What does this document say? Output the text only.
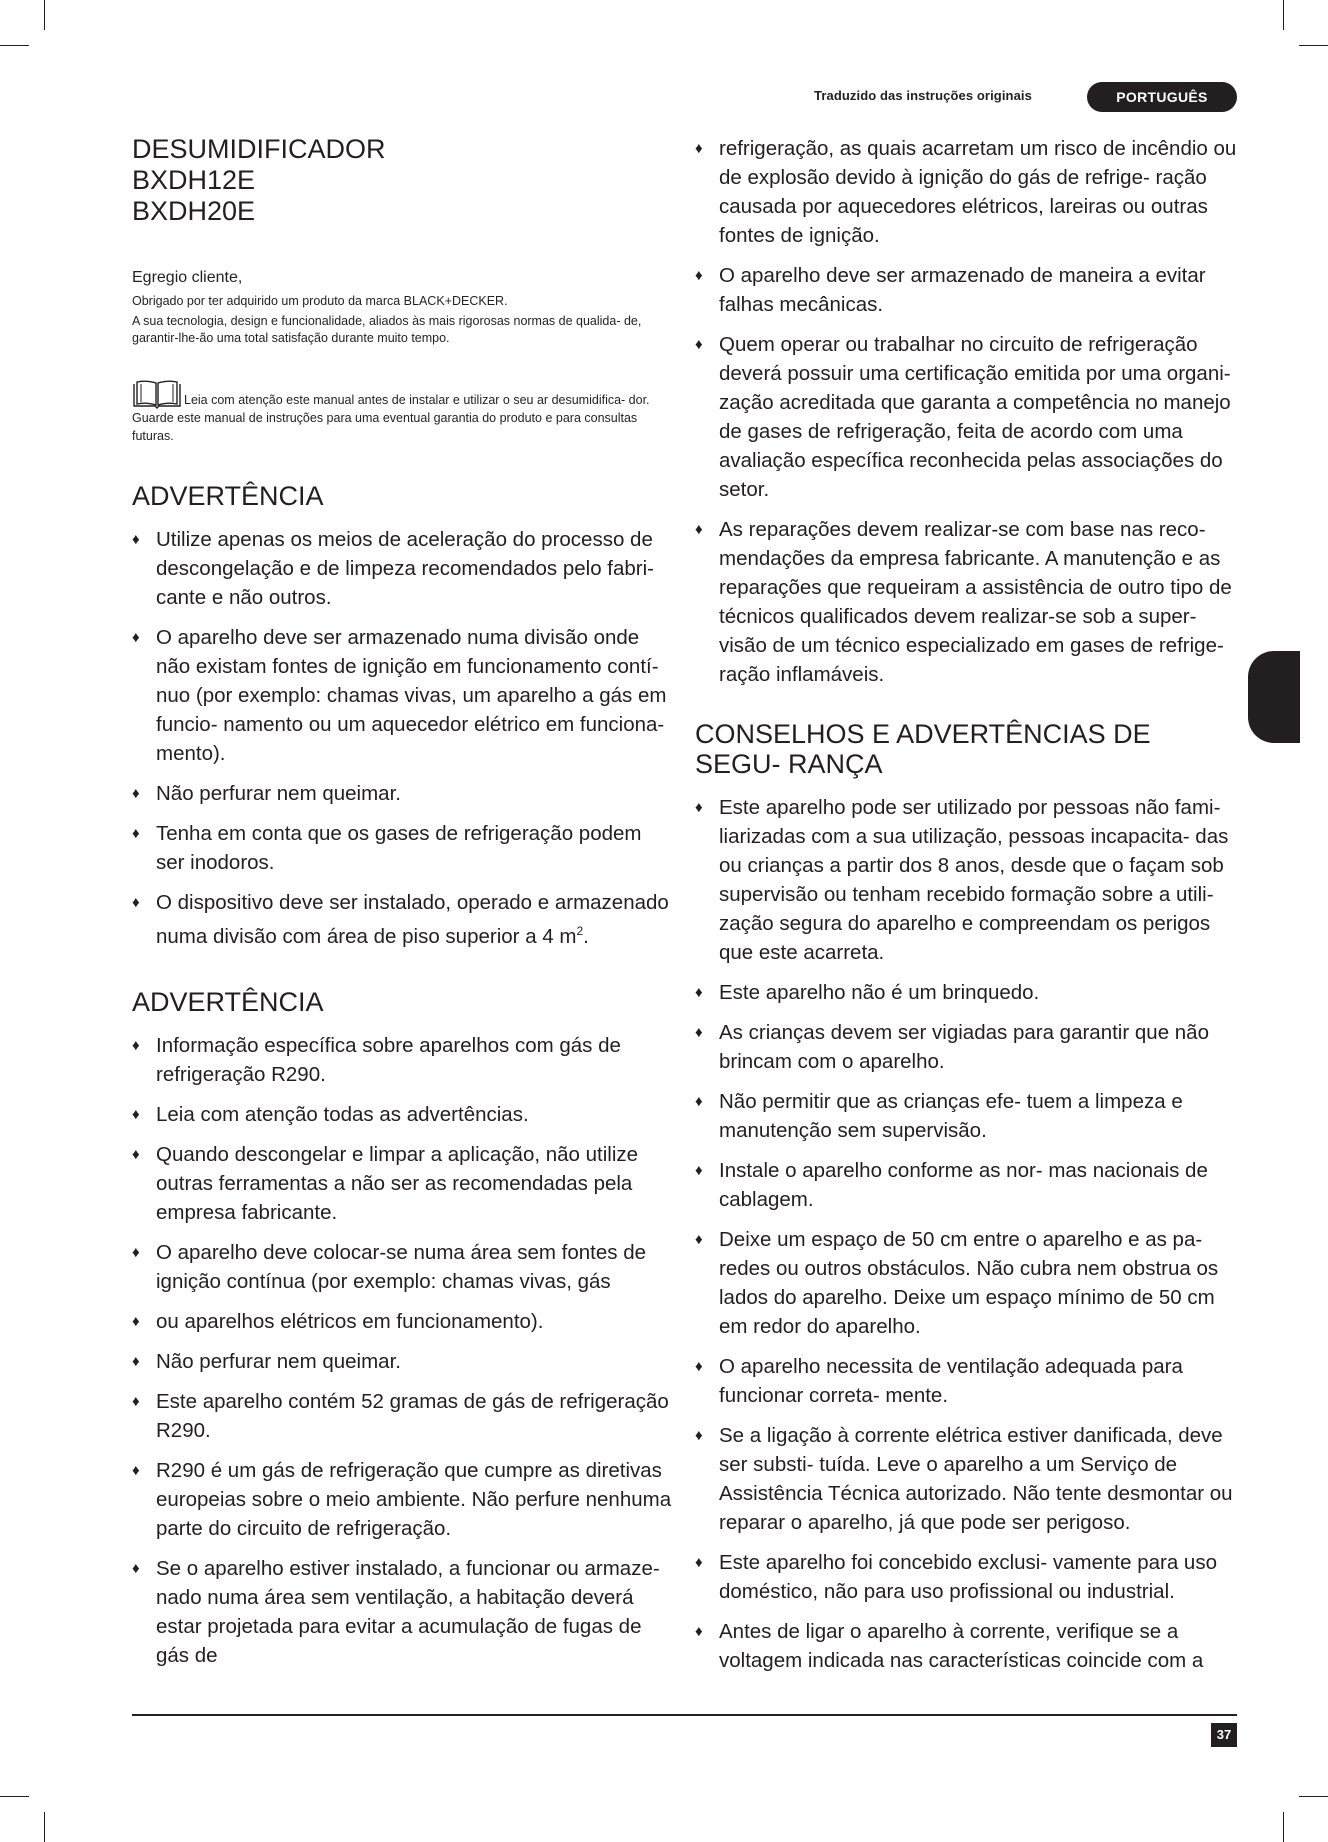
Traduzido das instruções originais	PORTUGUÊS
DESUMIDIFICADOR
BXDH12E
BXDH20E

Egregio cliente,

Obrigado por ter adquirido um produto da marca BLACK+DECKER.

A sua tecnologia, design e funcionalidade, aliados às mais rigorosas normas de qualida- de, garantir-lhe-ão uma total satisfação durante muito tempo.

Leia com atenção este manual antes de instalar e utilizar o seu ar desumidifica- dor. Guarde este manual de instruções para uma eventual garantia do produto e para consultas futuras.
ADVERTÊNCIA
♦ Utilize apenas os meios de aceleração do processo de descongelação e de limpeza recomendados pelo fabri- cante e não outros.
♦ O aparelho deve ser armazenado numa divisão onde não existam fontes de ignição em funcionamento contí- nuo (por exemplo: chamas vivas, um aparelho a gás em funcio- namento ou um aquecedor elétrico em funciona- mento).
♦ Não perfurar nem queimar.
♦ Tenha em conta que os gases de refrigeração podem ser inodoros.
♦ O dispositivo deve ser instalado, operado e armazenado numa divisão com área de piso superior a 4 $m^2$.
ADVERTÊNCIA
♦ Informação específica sobre aparelhos com gás de refrigeração R290.
♦ Leia com atenção todas as advertências.
♦ Quando descongelar e limpar a aplicação, não utilize outras ferramentas a não ser as recomendadas pela empresa fabricante.
♦ O aparelho deve colocar-se numa área sem fontes de ignição contínua (por exemplo: chamas vivas, gás
♦ ou aparelhos elétricos em funcionamento).
♦ Não perfurar nem queimar.
♦ Este aparelho contém 52 gramas de gás de refrigeração R290.
♦ R290 é um gás de refrigeração que cumpre as diretivas europeias sobre o meio ambiente. Não perfure nenhuma parte do circuito de refrigeração.
♦ Se o aparelho estiver instalado, a funcionar ou armaze- nado numa área sem ventilação, a habitação deverá estar projetada para evitar a acumulação de fugas de gás de
♦ refrigeração, as quais acarretam um risco de incêndio ou de explosão devido à ignição do gás de refrige- ração causada por aquecedores elétricos, lareiras ou outras fontes de ignição.
♦ O aparelho deve ser armazenado de maneira a evitar falhas mecânicas.
♦ Quem operar ou trabalhar no circuito de refrigeração deverá possuir uma certificação emitida por uma organi- zação acreditada que garanta a competência no manejo de gases de refrigeração, feita de acordo com uma avaliação específica reconhecida pelas associações do setor.
♦ As reparações devem realizar-se com base nas reco- mendações da empresa fabricante. A manutenção e as reparações que requeiram a assistência de outro tipo de técnicos qualificados devem realizar-se sob a super- visão de um técnico especializado em gases de refrige- ração inflamáveis.
CONSELHOS E ADVERTÊNCIAS DE SEGU- RANÇA
♦ Este aparelho pode ser utilizado por pessoas não fami- liarizadas com a sua utilização, pessoas incapacita- das ou crianças a partir dos 8 anos, desde que o façam sob supervisão ou tenham recebido formação sobre a utili- zação segura do aparelho e compreendam os perigos que este acarreta.
♦ Este aparelho não é um brinquedo.
♦ As crianças devem ser vigiadas para garantir que não brincam com o aparelho.
♦ Não permitir que as crianças efe- tuem a limpeza e manutenção sem supervisão.
♦ Instale o aparelho conforme as nor- mas nacionais de cablagem.
♦ Deixe um espaço de 50 cm entre o aparelho e as pa- redes ou outros obstáculos. Não cubra nem obstrua os lados do aparelho. Deixe um espaço mínimo de 50 cm em redor do aparelho.
♦ O aparelho necessita de ventilação adequada para funcionar correta- mente.
♦ Se a ligação à corrente elétrica estiver danificada, deve ser substi- tuída. Leve o aparelho a um Serviço de Assistência Técnica autorizado. Não tente desmontar ou reparar o aparelho, já que pode ser perigoso.
♦ Este aparelho foi concebido exclusi- vamente para uso doméstico, não para uso profissional ou industrial.
♦ Antes de ligar o aparelho à corrente, verifique se a voltagem indicada nas características coincide com a
37
